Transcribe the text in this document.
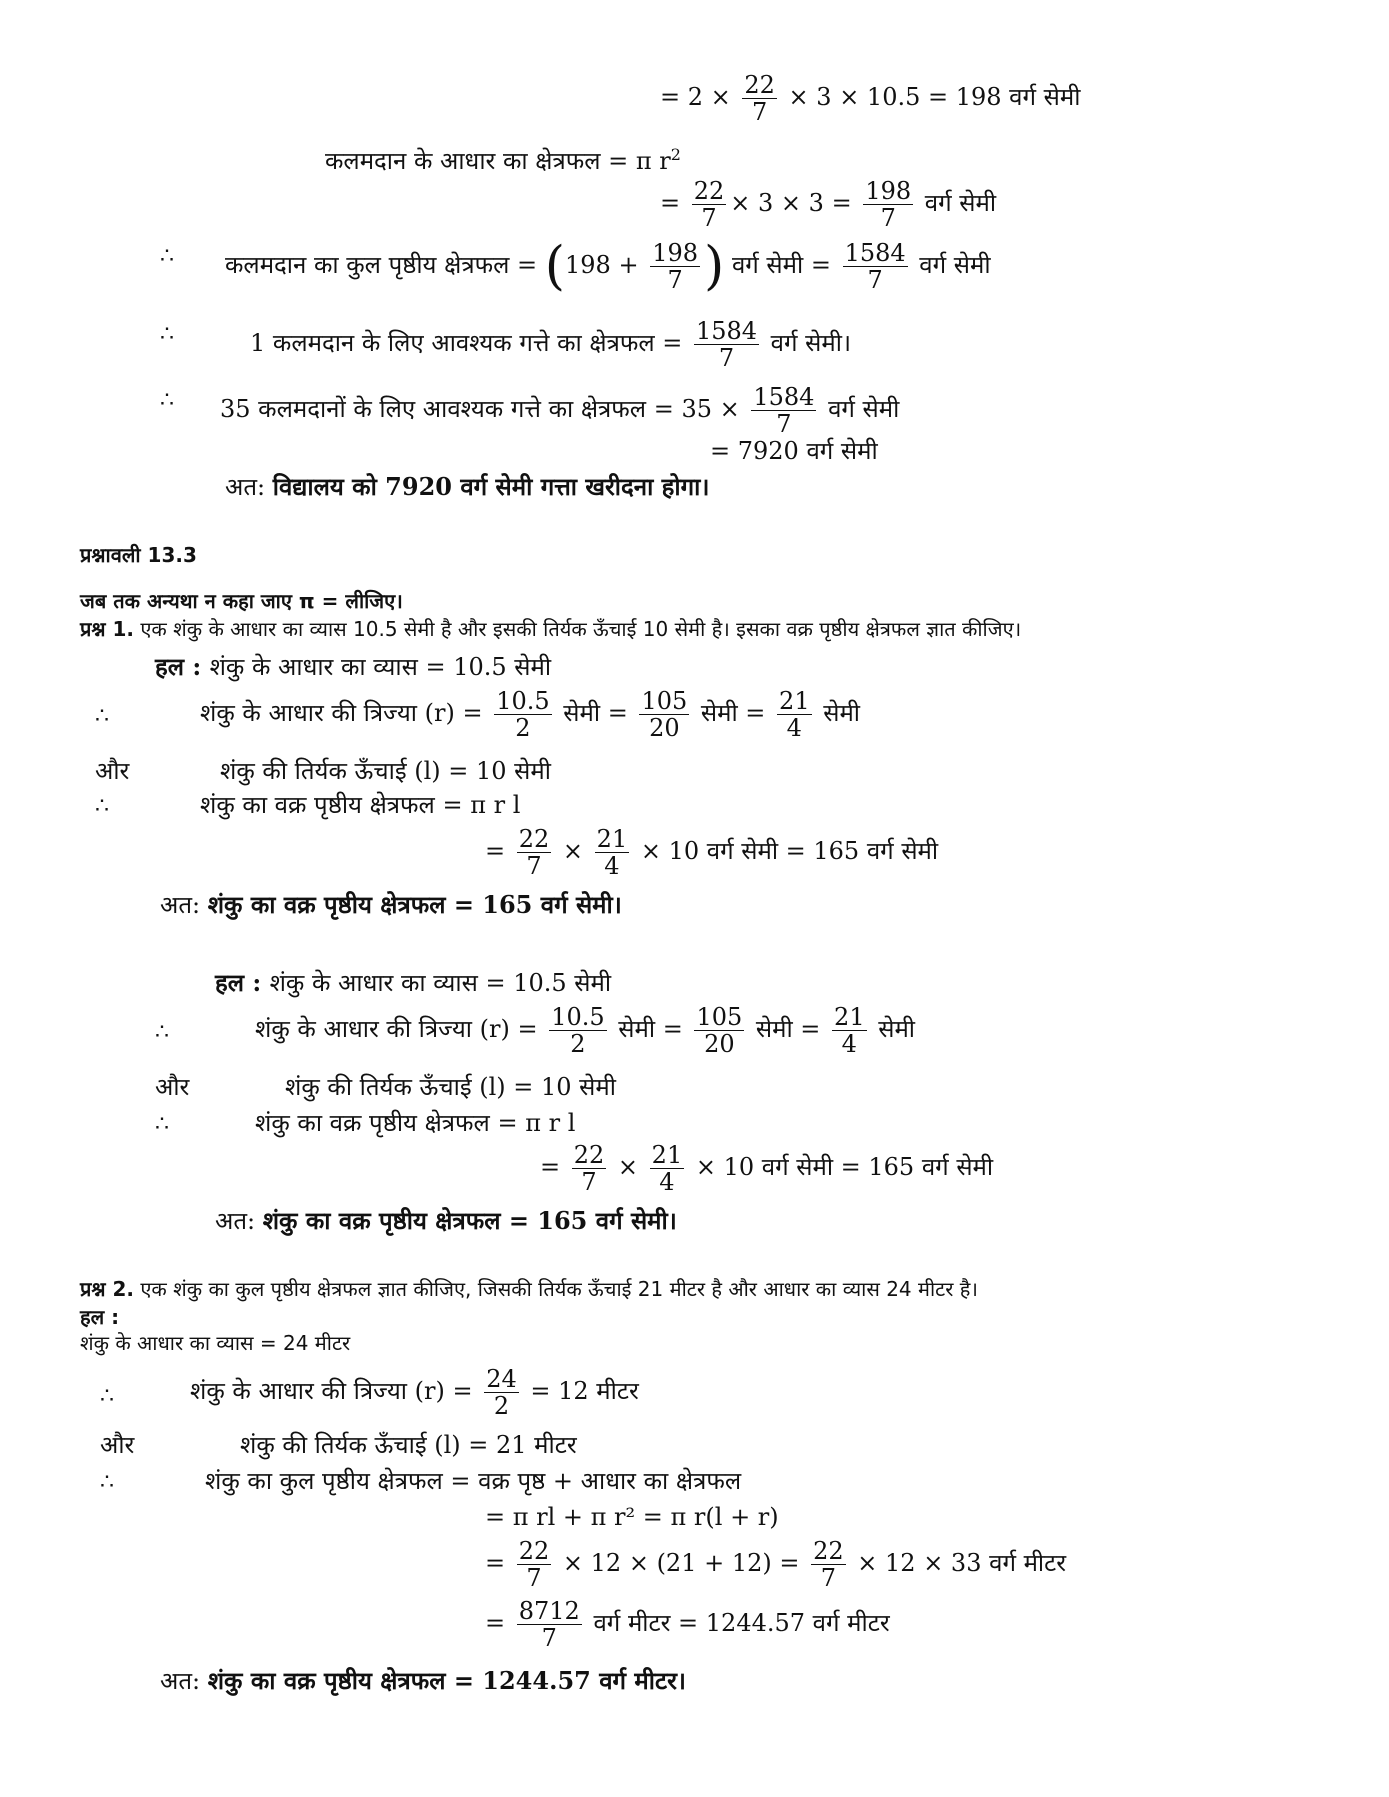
= $2 \times \frac{22}{7} \times 3 \times 10.5 = 198$ वर्ग सेमी
कलमदान के आधार का क्षेत्रफल = π $r^2$
= $\frac{22}{7} \times 3 \times 3 = \frac{198}{7}$ वर्ग सेमी
∴ कलमदान का कुल पृष्ठीय क्षेत्रफल = ($198 + \frac{198}{7}$ ) वर्ग सेमी = $\frac{1584}{7}$ वर्ग सेमी
∴	1 कलमदान के लिए आवश्यक गत्ते का क्षेत्रफल = $\frac{1584}{7}$ वर्ग सेमी।
∴ 35 कलमदानों के लिए आवश्यक गत्ते का क्षेत्रफल = $35 \times \frac{1584}{7}$ वर्ग सेमी
= 7920 वर्ग सेमी
अत: विद्यालय को 7920 वर्ग सेमी गत्ता खरीदना होगा।
प्रश्नावली 13.3
जब तक अन्यथा न कहा जाए π = लीजिए।
प्रश्न 1. एक शंकु के आधार का व्यास 10.5 सेमी है और इसकी तिर्यक ऊँचाई 10 सेमी है। इसका वक्र पृष्ठीय क्षेत्रफल ज्ञात कीजिए।
हल : शंकु के आधार का व्यास = 10.5 सेमी
∴	शंकु के आधार की त्रिज्या $(r) = \frac{10.5}{2}$ सेमी = $\frac{105}{20}$ सेमी = $\frac{21}{4}$ सेमी
और	शंकु की तिर्यक ऊँचाई (l) = 10 सेमी
∴	शंकु का वक्र पृष्ठीय क्षेत्रफल = π r l
= $\frac{22}{7} \times \frac{21}{4} \times 10$ वर्ग सेमी = 165 वर्ग सेमी
अत: शंकु का वक्र पृष्ठीय क्षेत्रफल = 165 वर्ग सेमी।
हल : शंकु के आधार का व्यास = 10.5 सेमी
∴	शंकु के आधार की त्रिज्या $(r) = \frac{10.5}{2}$ सेमी = $\frac{105}{20}$ सेमी = $\frac{21}{4}$ सेमी
और	शंकु की तिर्यक ऊँचाई (l) = 10 सेमी
∴	शंकु का वक्र पृष्ठीय क्षेत्रफल = π r l
= $\frac{22}{7} \times \frac{21}{4} \times 10$ वर्ग सेमी = 165 वर्ग सेमी
अत: शंकु का वक्र पृष्ठीय क्षेत्रफल = 165 वर्ग सेमी।
प्रश्न 2. एक शंकु का कुल पृष्ठीय क्षेत्रफल ज्ञात कीजिए, जिसकी तिर्यक ऊँचाई 21 मीटर है और आधार का व्यास 24 मीटर है।
हल :
शंकु के आधार का व्यास = 24 मीटर
∴	शंकु के आधार की त्रिज्या $(r) = \frac{24}{2} = 12$ मीटर
और	शंकु की तिर्यक ऊँचाई (l) = 21 मीटर
∴	शंकु का कुल पृष्ठीय क्षेत्रफल = वक्र पृष्ठ + आधार का क्षेत्रफल
= π rl + π r² = π r(l + r)
= $\frac{22}{7} \times 12 \times (21 + 12) = \frac{22}{7} \times 12 \times 33$ वर्ग मीटर
= $\frac{8712}{7}$ वर्ग मीटर = 1244.57 वर्ग मीटर
अत: शंकु का वक्र पृष्ठीय क्षेत्रफल = 1244.57 वर्ग मीटर।
